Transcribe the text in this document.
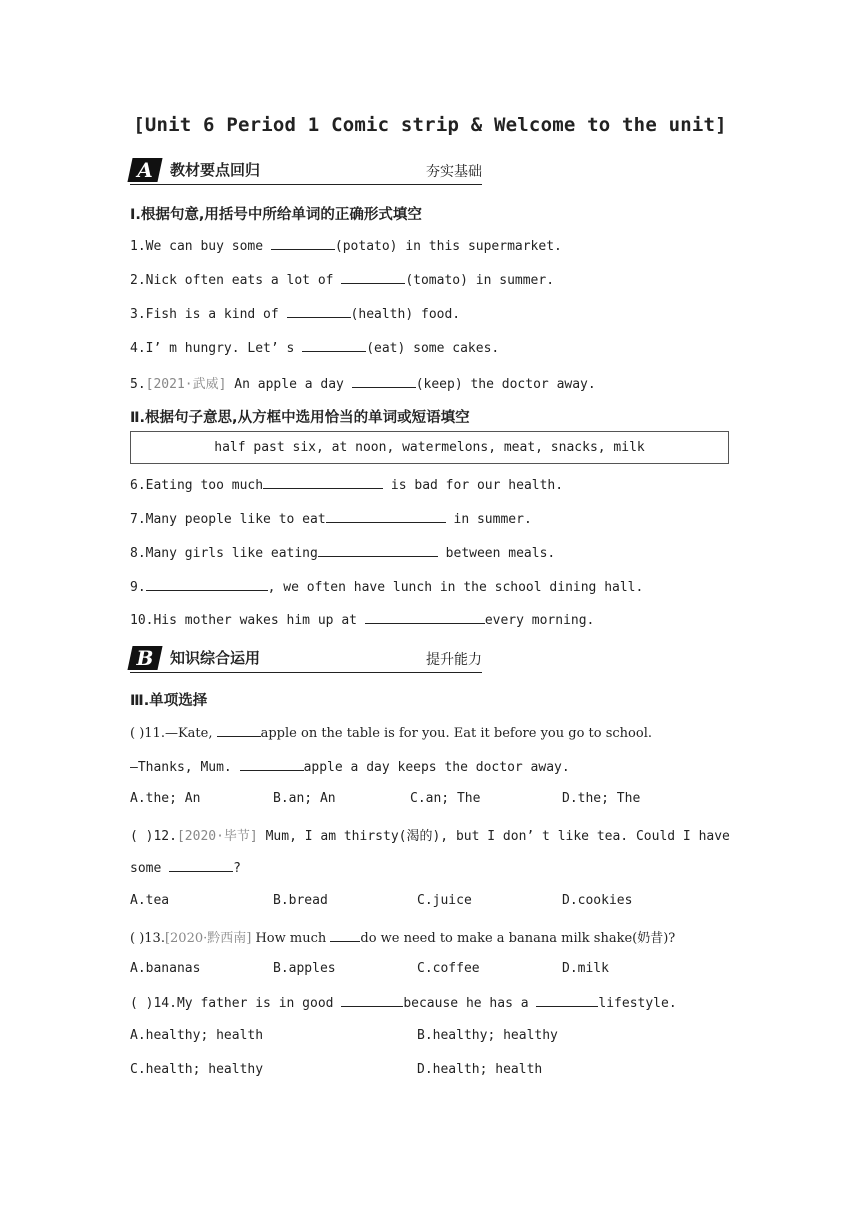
[Unit 6 Period 1 Comic strip & Welcome to the unit]
A	教材要点回归	夯实基础
Ⅰ.根据句意,用括号中所给单词的正确形式填空
1.We can buy some	(potato) in this supermarket.
2.Nick often eats a lot of	(tomato) in summer.
3.Fish is a kind of	(health) food.
4.I’ m hungry. Let’ s	(eat) some cakes.
5.[2021·武威] An apple a day	(keep) the doctor away.
Ⅱ.根据句子意思,从方框中选用恰当的单词或短语填空
half past six, at noon, watermelons, meat, snacks, milk
6.Eating too much	is bad for our health.
7.Many people like to eat	in summer.
8.Many girls like eating	between meals.
9.	, we often have lunch in the school dining hall.
10.His mother wakes him up at	every morning.
B	知识综合运用	提升能力
Ⅲ.单项选择
( )11.—Kate,	apple on the table is for you. Eat it before you go to school.
—Thanks, Mum.	apple a day keeps the doctor away.
A.the; An	B.an; An	C.an; The	D.the; The
( )12.[2020·毕节] Mum, I am thirsty(渴的), but I don’ t like tea. Could I have
some	?
A.tea	B.bread	C.juice	D.cookies
( )13.[2020·黔西南] How much do we need to make a banana milk shake(奶昔)?
A.bananas	B.apples	C.coffee	D.milk
( )14.My father is in good	because he has a	lifestyle.
A.healthy; health	B.healthy; healthy
C.health; healthy	D.health; health
